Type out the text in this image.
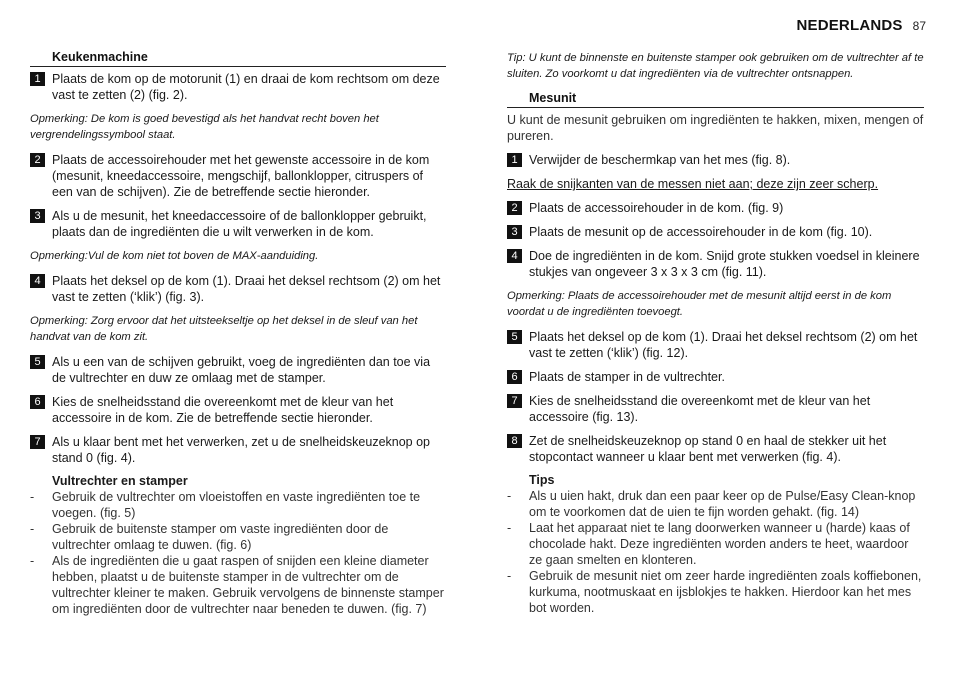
NEDERLANDS 87
Keukenmachine
1 Plaats de kom op de motorunit (1) en draai de kom rechtsom om deze vast te zetten (2) (fig. 2).
Opmerking: De kom is goed bevestigd als het handvat recht boven het vergrendelingssymbool staat.
2 Plaats de accessoirehouder met het gewenste accessoire in de kom (mesunit, kneedaccessoire, mengschijf, ballonklopper, citruspers of een van de schijven). Zie de betreffende sectie hieronder.
3 Als u de mesunit, het kneedaccessoire of de ballonklopper gebruikt, plaats dan de ingrediënten die u wilt verwerken in de kom.
Opmerking:Vul de kom niet tot boven de MAX-aanduiding.
4 Plaats het deksel op de kom (1). Draai het deksel rechtsom (2) om het vast te zetten (‘klik’) (fig. 3).
Opmerking: Zorg ervoor dat het uitsteekseltje op het deksel in de sleuf van het handvat van de kom zit.
5 Als u een van de schijven gebruikt, voeg de ingrediënten dan toe via de vultrechter en duw ze omlaag met de stamper.
6 Kies de snelheidsstand die overeenkomt met de kleur van het accessoire in de kom. Zie de betreffende sectie hieronder.
7 Als u klaar bent met het verwerken, zet u de snelheidskeuzeknop op stand 0 (fig. 4).
Vultrechter en stamper
- Gebruik de vultrechter om vloeistoffen en vaste ingrediënten toe te voegen. (fig. 5)
- Gebruik de buitenste stamper om vaste ingrediënten door de vultrechter omlaag te duwen. (fig. 6)
- Als de ingrediënten die u gaat raspen of snijden een kleine diameter hebben, plaatst u de buitenste stamper in de vultrechter om de vultrechter kleiner te maken. Gebruik vervolgens de binnenste stamper om ingrediënten door de vultrechter naar beneden te duwen. (fig. 7)
Tip: U kunt de binnenste en buitenste stamper ook gebruiken om de vultrechter af te sluiten. Zo voorkomt u dat ingrediënten via de vultrechter ontsnappen.
Mesunit
U kunt de mesunit gebruiken om ingrediënten te hakken, mixen, mengen of pureren.
1 Verwijder de beschermkap van het mes (fig. 8).
Raak de snijkanten van de messen niet aan; deze zijn zeer scherp.
2 Plaats de accessoirehouder in de kom. (fig. 9)
3 Plaats de mesunit op de accessoirehouder in de kom (fig. 10).
4 Doe de ingrediënten in de kom. Snijd grote stukken voedsel in kleinere stukjes van ongeveer 3 x 3 x 3 cm (fig. 11).
Opmerking: Plaats de accessoirehouder met de mesunit altijd eerst in de kom voordat u de ingrediënten toevoegt.
5 Plaats het deksel op de kom (1). Draai het deksel rechtsom (2) om het vast te zetten (‘klik’) (fig. 12).
6 Plaats de stamper in de vultrechter.
7 Kies de snelheidsstand die overeenkomt met de kleur van het accessoire (fig. 13).
8 Zet de snelheidskeuzeknop op stand 0 en haal de stekker uit het stopcontact wanneer u klaar bent met verwerken (fig. 4).
Tips
- Als u uien hakt, druk dan een paar keer op de Pulse/Easy Clean-knop om te voorkomen dat de uien te fijn worden gehakt. (fig. 14)
- Laat het apparaat niet te lang doorwerken wanneer u (harde) kaas of chocolade hakt. Deze ingrediënten worden anders te heet, waardoor ze gaan smelten en klonteren.
- Gebruik de mesunit niet om zeer harde ingrediënten zoals koffiebonen, kurkuma, nootmuskaat en ijsblokjes te hakken. Hierdoor kan het mes bot worden.
